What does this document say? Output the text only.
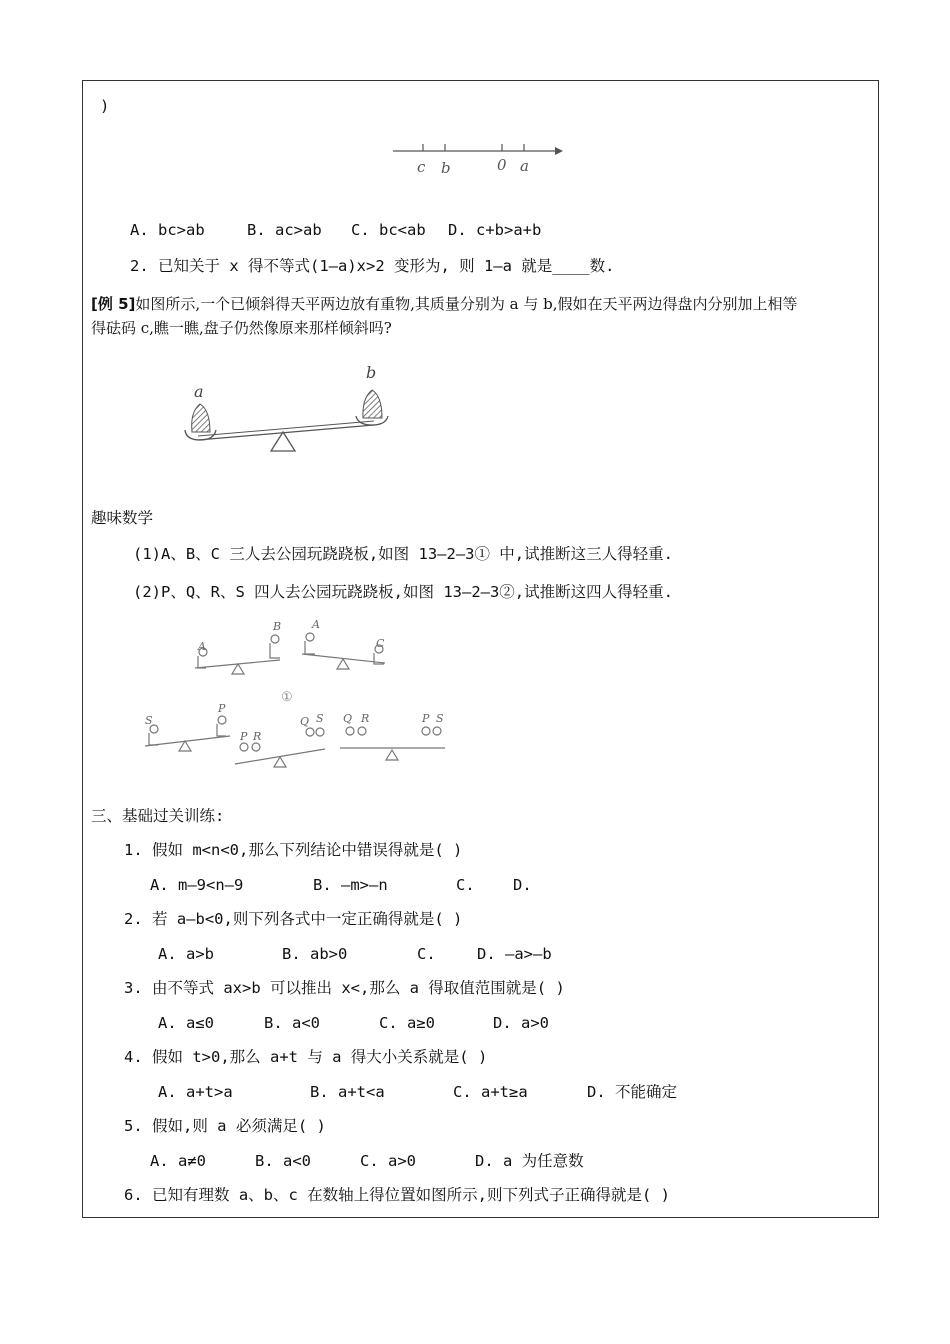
)
c b	0 a
A. bc>ab	B. ac>ab C. bc<ab D. c+b>a+b
2. 已知关于 x 得不等式(1—a)x>2 变形为, 则 1—a 就是____数.
[例 5]如图所示,一个已倾斜得天平两边放有重物,其质量分别为 a 与 b,假如在天平两边得盘内分别加上相等
得砝码 c,瞧一瞧,盘子仍然像原来那样倾斜吗?
a
b
趣味数学
(1)A、B、C 三人去公园玩跷跷板,如图 13—2—3① 中,试推断这三人得轻重.
(2)P、Q、R、S 四人去公园玩跷跷板,如图 13—2—3②,试推断这四人得轻重.
A
B	A
C
S
P
P R
Q S Q R	P S
①
三、基础过关训练:
1. 假如 m<n<0,那么下列结论中错误得就是( )
A. m—9<n—9	B. —m>—n	C. D.
2. 若 a—b<0,则下列各式中一定正确得就是( )
A. a>b	B. ab>0	C.	D. —a>—b
3. 由不等式 ax>b 可以推出 x<,那么 a 得取值范围就是( )
A. a≤0	B. a<0	C. a≥0	D. a>0
4. 假如 t>0,那么 a+t 与 a 得大小关系就是( )
A. a+t>a	B. a+t<a	C. a+t≥a	D. 不能确定
5. 假如,则 a 必须满足( )
A. a≠0	B. a<0	C. a>0	D. a 为任意数
6. 已知有理数 a、b、c 在数轴上得位置如图所示,则下列式子正确得就是( )
